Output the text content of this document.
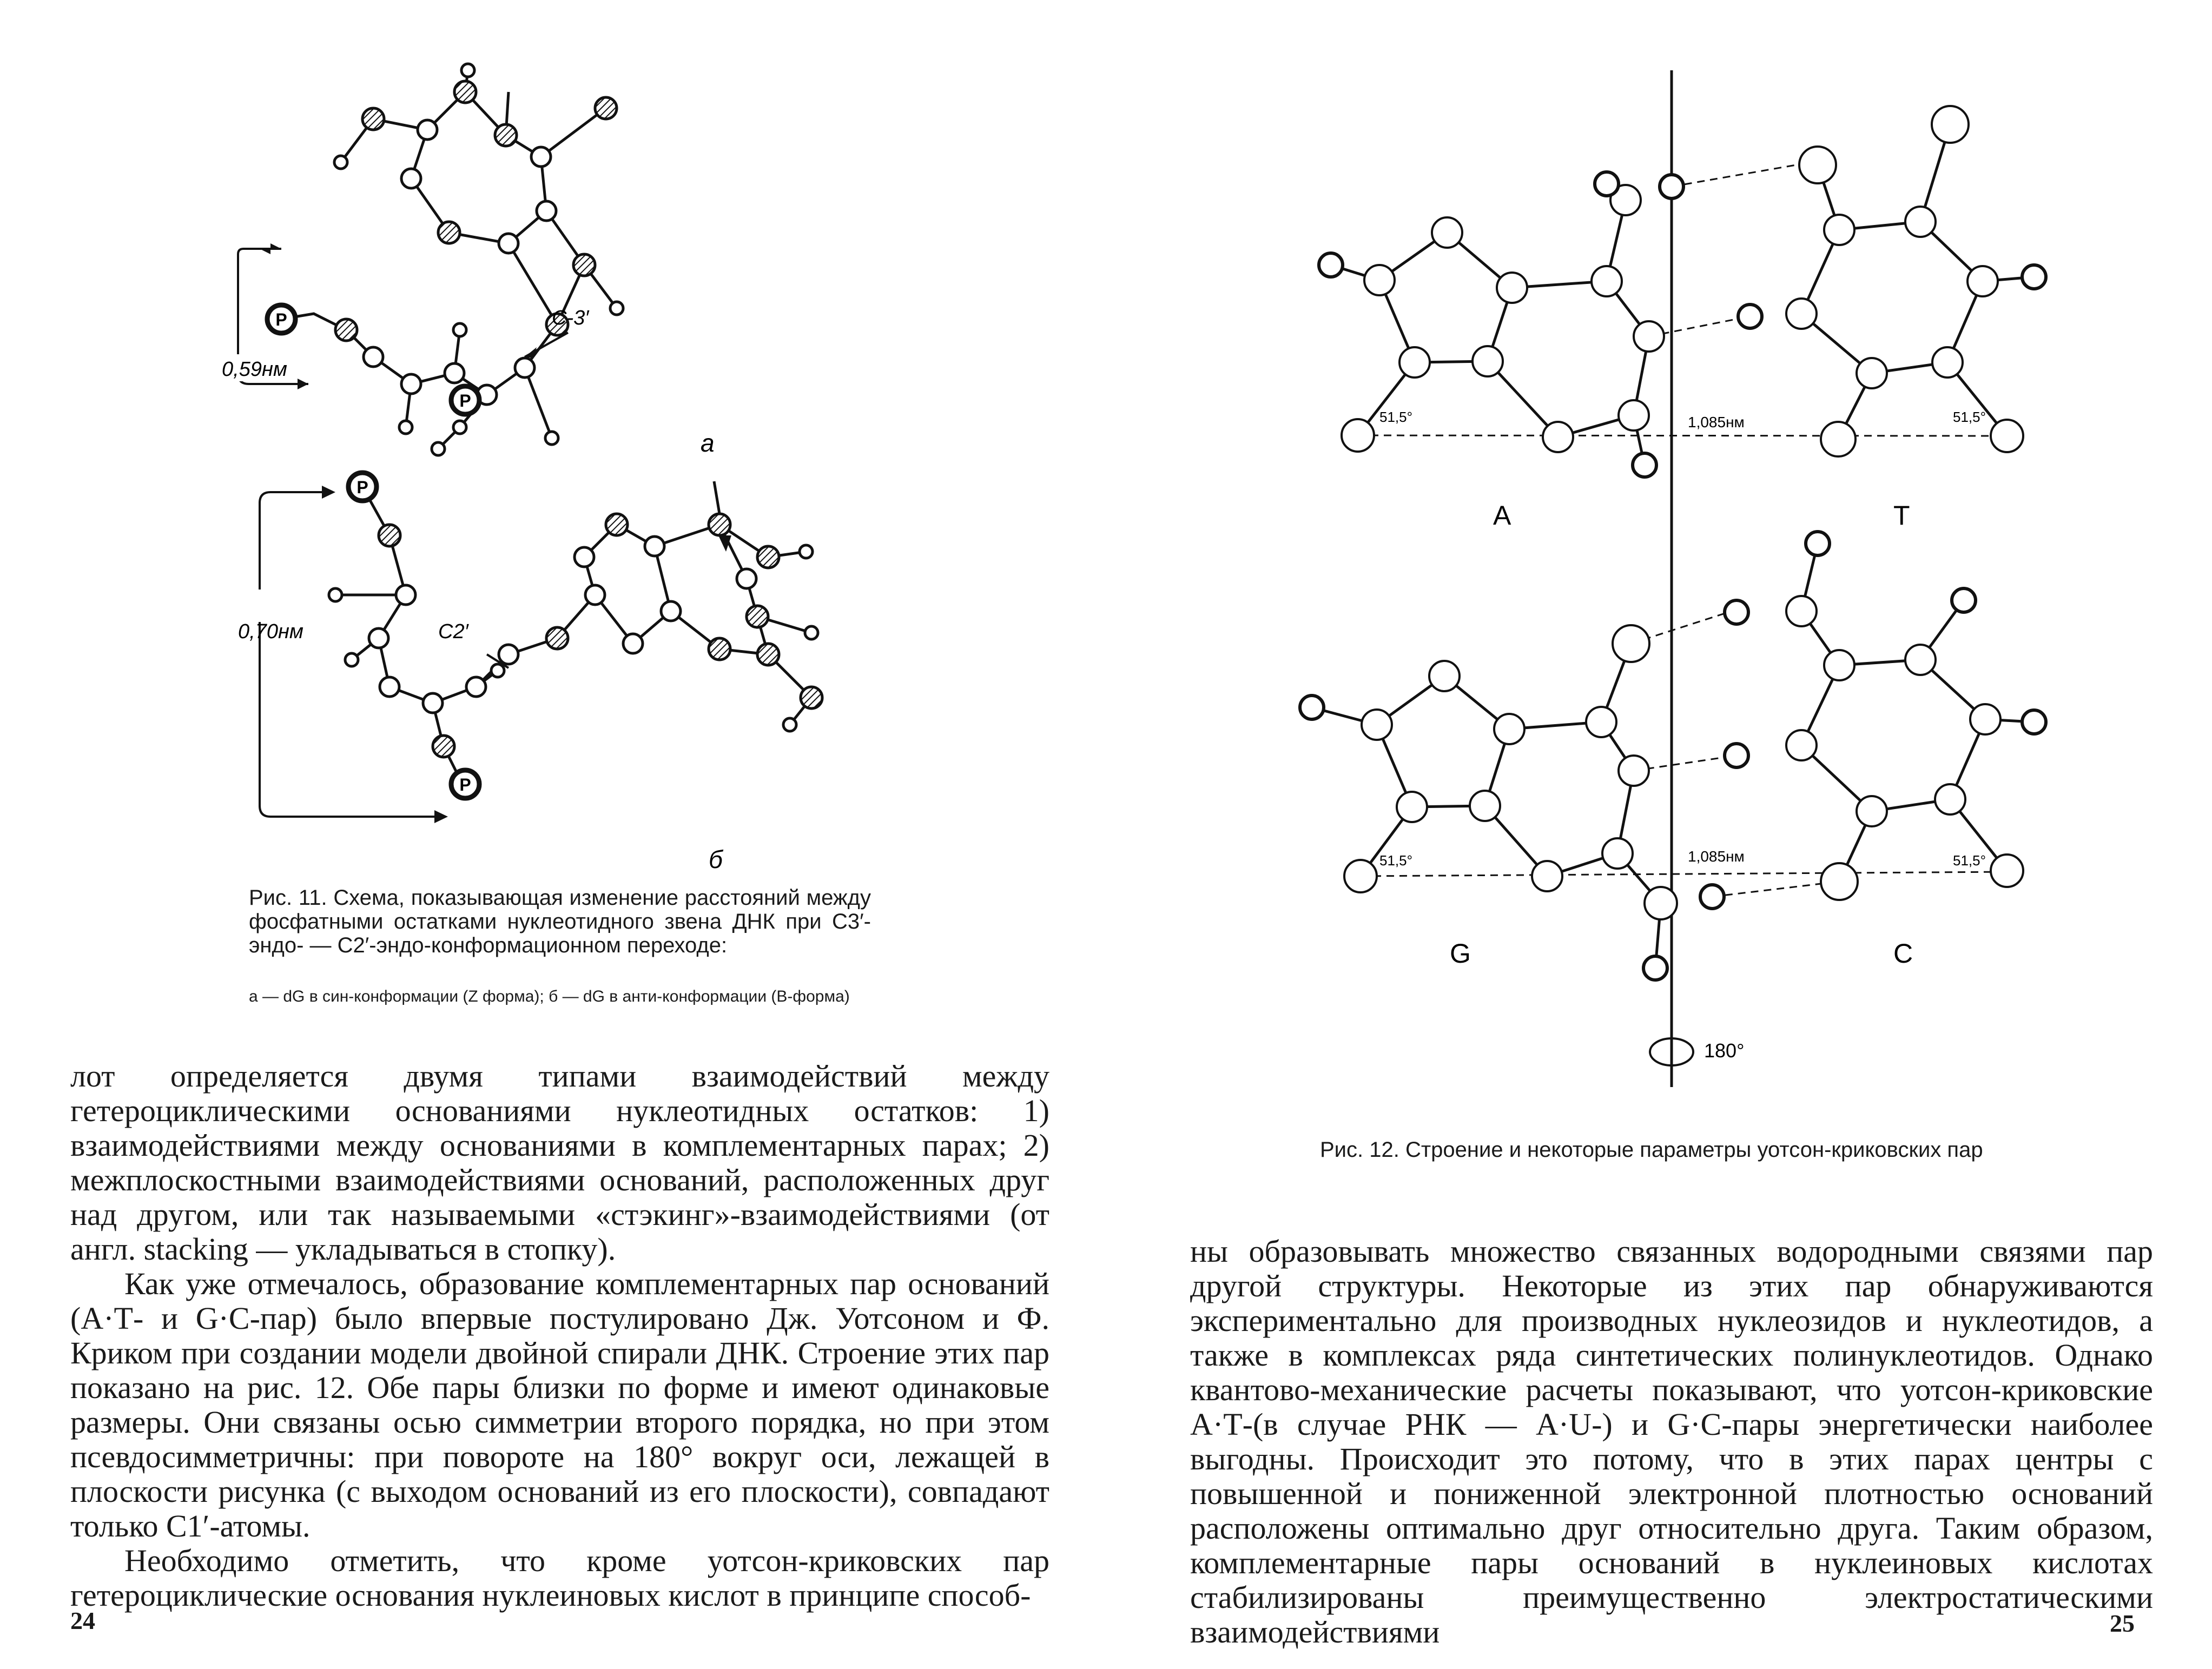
P
P
C-3′
0,59нм
а
P
P
C2′
0,70нм
б
Рис. 11. Схема, показывающая изменение расстояний между фосфатными остатками нуклеотидного звена ДНК при С3′-эндо- — С2′-эндо-конформационном переходе:
а — dG в син-конформации (Z форма); б — dG в анти-конформации (В-форма)

лот определяется двумя типами взаимодействий между гетероциклическими основаниями нуклеотидных остатков: 1) взаимодействиями между основаниями в комплементарных парах; 2) межплоскостными взаимодействиями оснований, расположенных друг над другом, или так называемыми «стэкинг»-взаимодействиями (от англ. stacking — укладываться в стопку).

Как уже отмечалось, образование комплементарных пар оснований (А·Т- и G·С-пар) было впервые постулировано Дж. Уотсоном и Ф. Криком при создании модели двойной спирали ДНК. Строение этих пар показано на рис. 12. Обе пары близки по форме и имеют одинаковые размеры. Они связаны осью симметрии второго порядка, но при этом псевдосимметричны: при повороте на 180° вокруг оси, лежащей в плоскости рисунка (с выходом оснований из его плоскости), совпадают только С1′-атомы.

Необходимо отметить, что кроме уотсон-криковских пар гетероциклические основания нуклеиновых кислот в принципе способ-

24
180°
A	T
1,085нм
51,5°	51,5°
G	C
1,085нм
51,5°	51,5°
Рис. 12. Строение и некоторые параметры уотсон-криковских пар

ны образовывать множество связанных водородными связями пар другой структуры. Некоторые из этих пар обнаруживаются экспериментально для производных нуклеозидов и нуклеотидов, а также в комплексах ряда синтетических полинуклеотидов. Однако квантово-механические расчеты показывают, что уотсон-криковские А·Т-(в случае РНК — А·U-) и G·С-пары энергетически наиболее выгодны. Происходит это потому, что в этих парах центры с повышенной и пониженной электронной плотностью оснований расположены оптимально друг относительно друга. Таким образом, комплементарные пары оснований в нуклеиновых кислотах стабилизированы преимущественно электростатическими взаимодействиями	25
